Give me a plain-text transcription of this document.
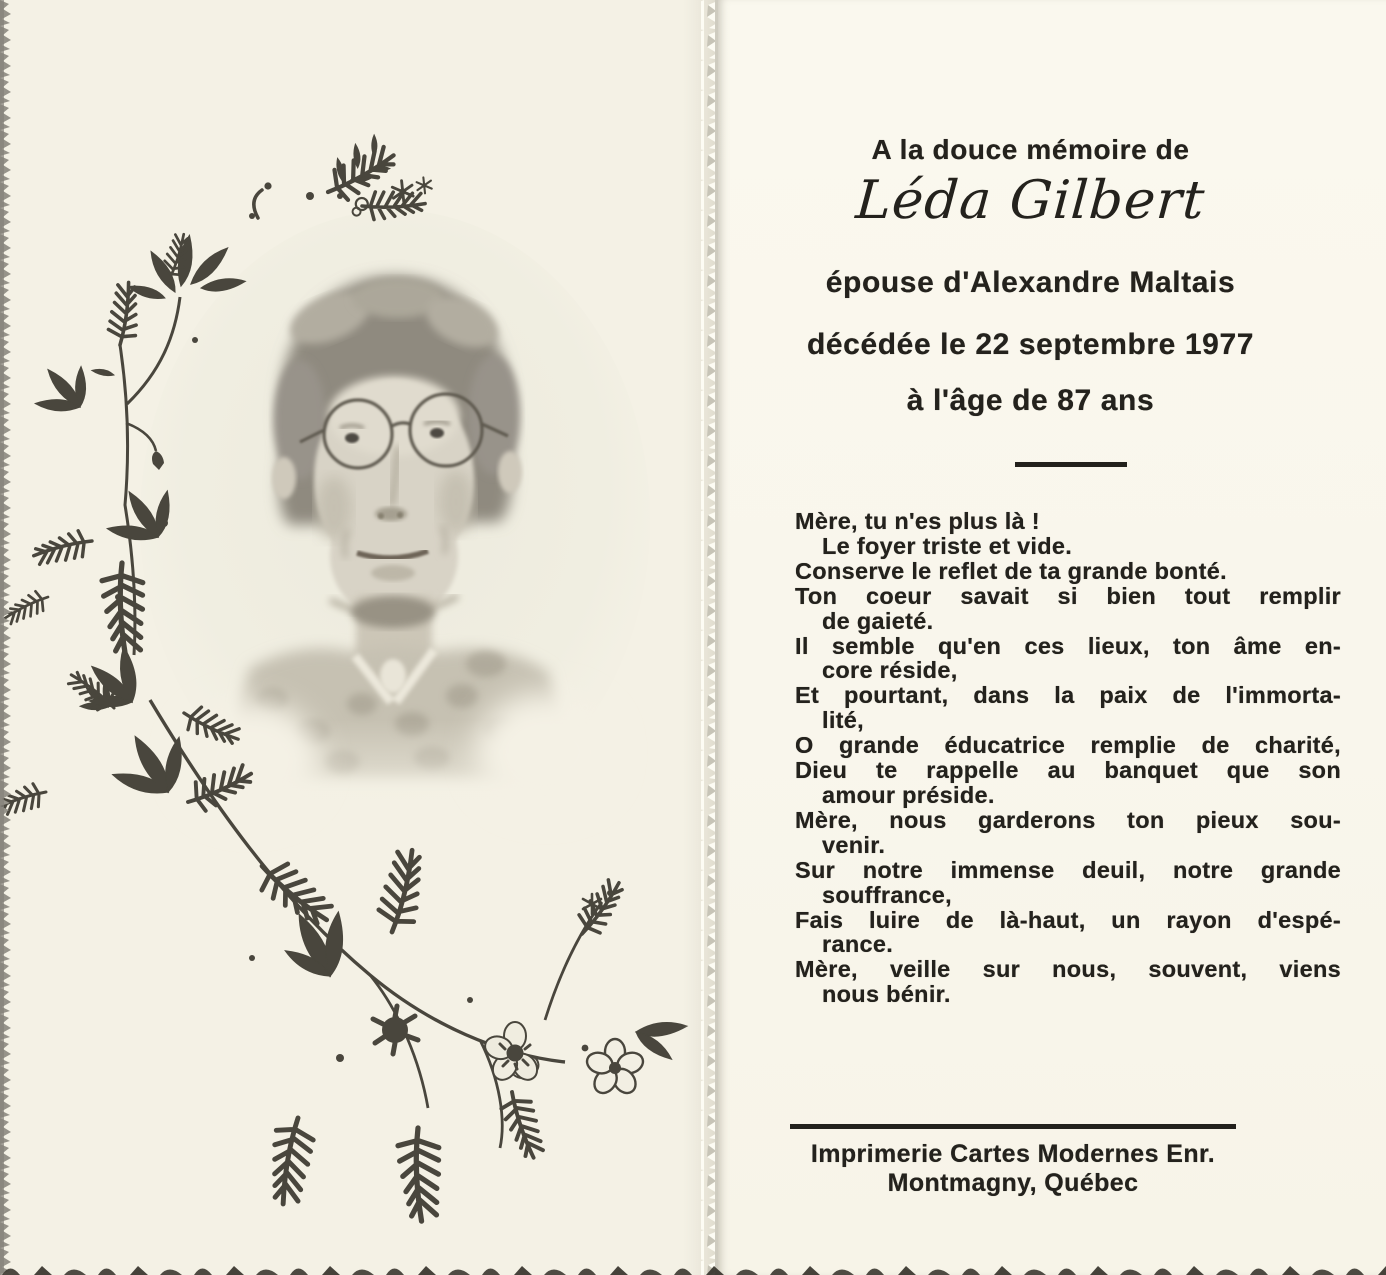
A la douce mémoire de
Léda Gilbert
épouse d'Alexandre Maltais
décédée le 22 septembre 1977
à l'âge de 87 ans
Mère, tu n'es plus là !
Le foyer triste et vide.
Conserve le reflet de ta grande bonté.
Ton coeur savait si bien tout remplir
de gaieté.
Il semble qu'en ces lieux, ton âme en-
core réside,
Et pourtant, dans la paix de l'immorta-
lité,
O grande éducatrice remplie de charité,
Dieu te rappelle au banquet que son
amour préside.
Mère, nous garderons ton pieux sou-
venir.
Sur notre immense deuil, notre grande
souffrance,
Fais luire de là-haut, un rayon d'espé-
rance.
Mère, veille sur nous, souvent, viens
nous bénir.
Imprimerie Cartes Modernes Enr.
Montmagny, Québec
